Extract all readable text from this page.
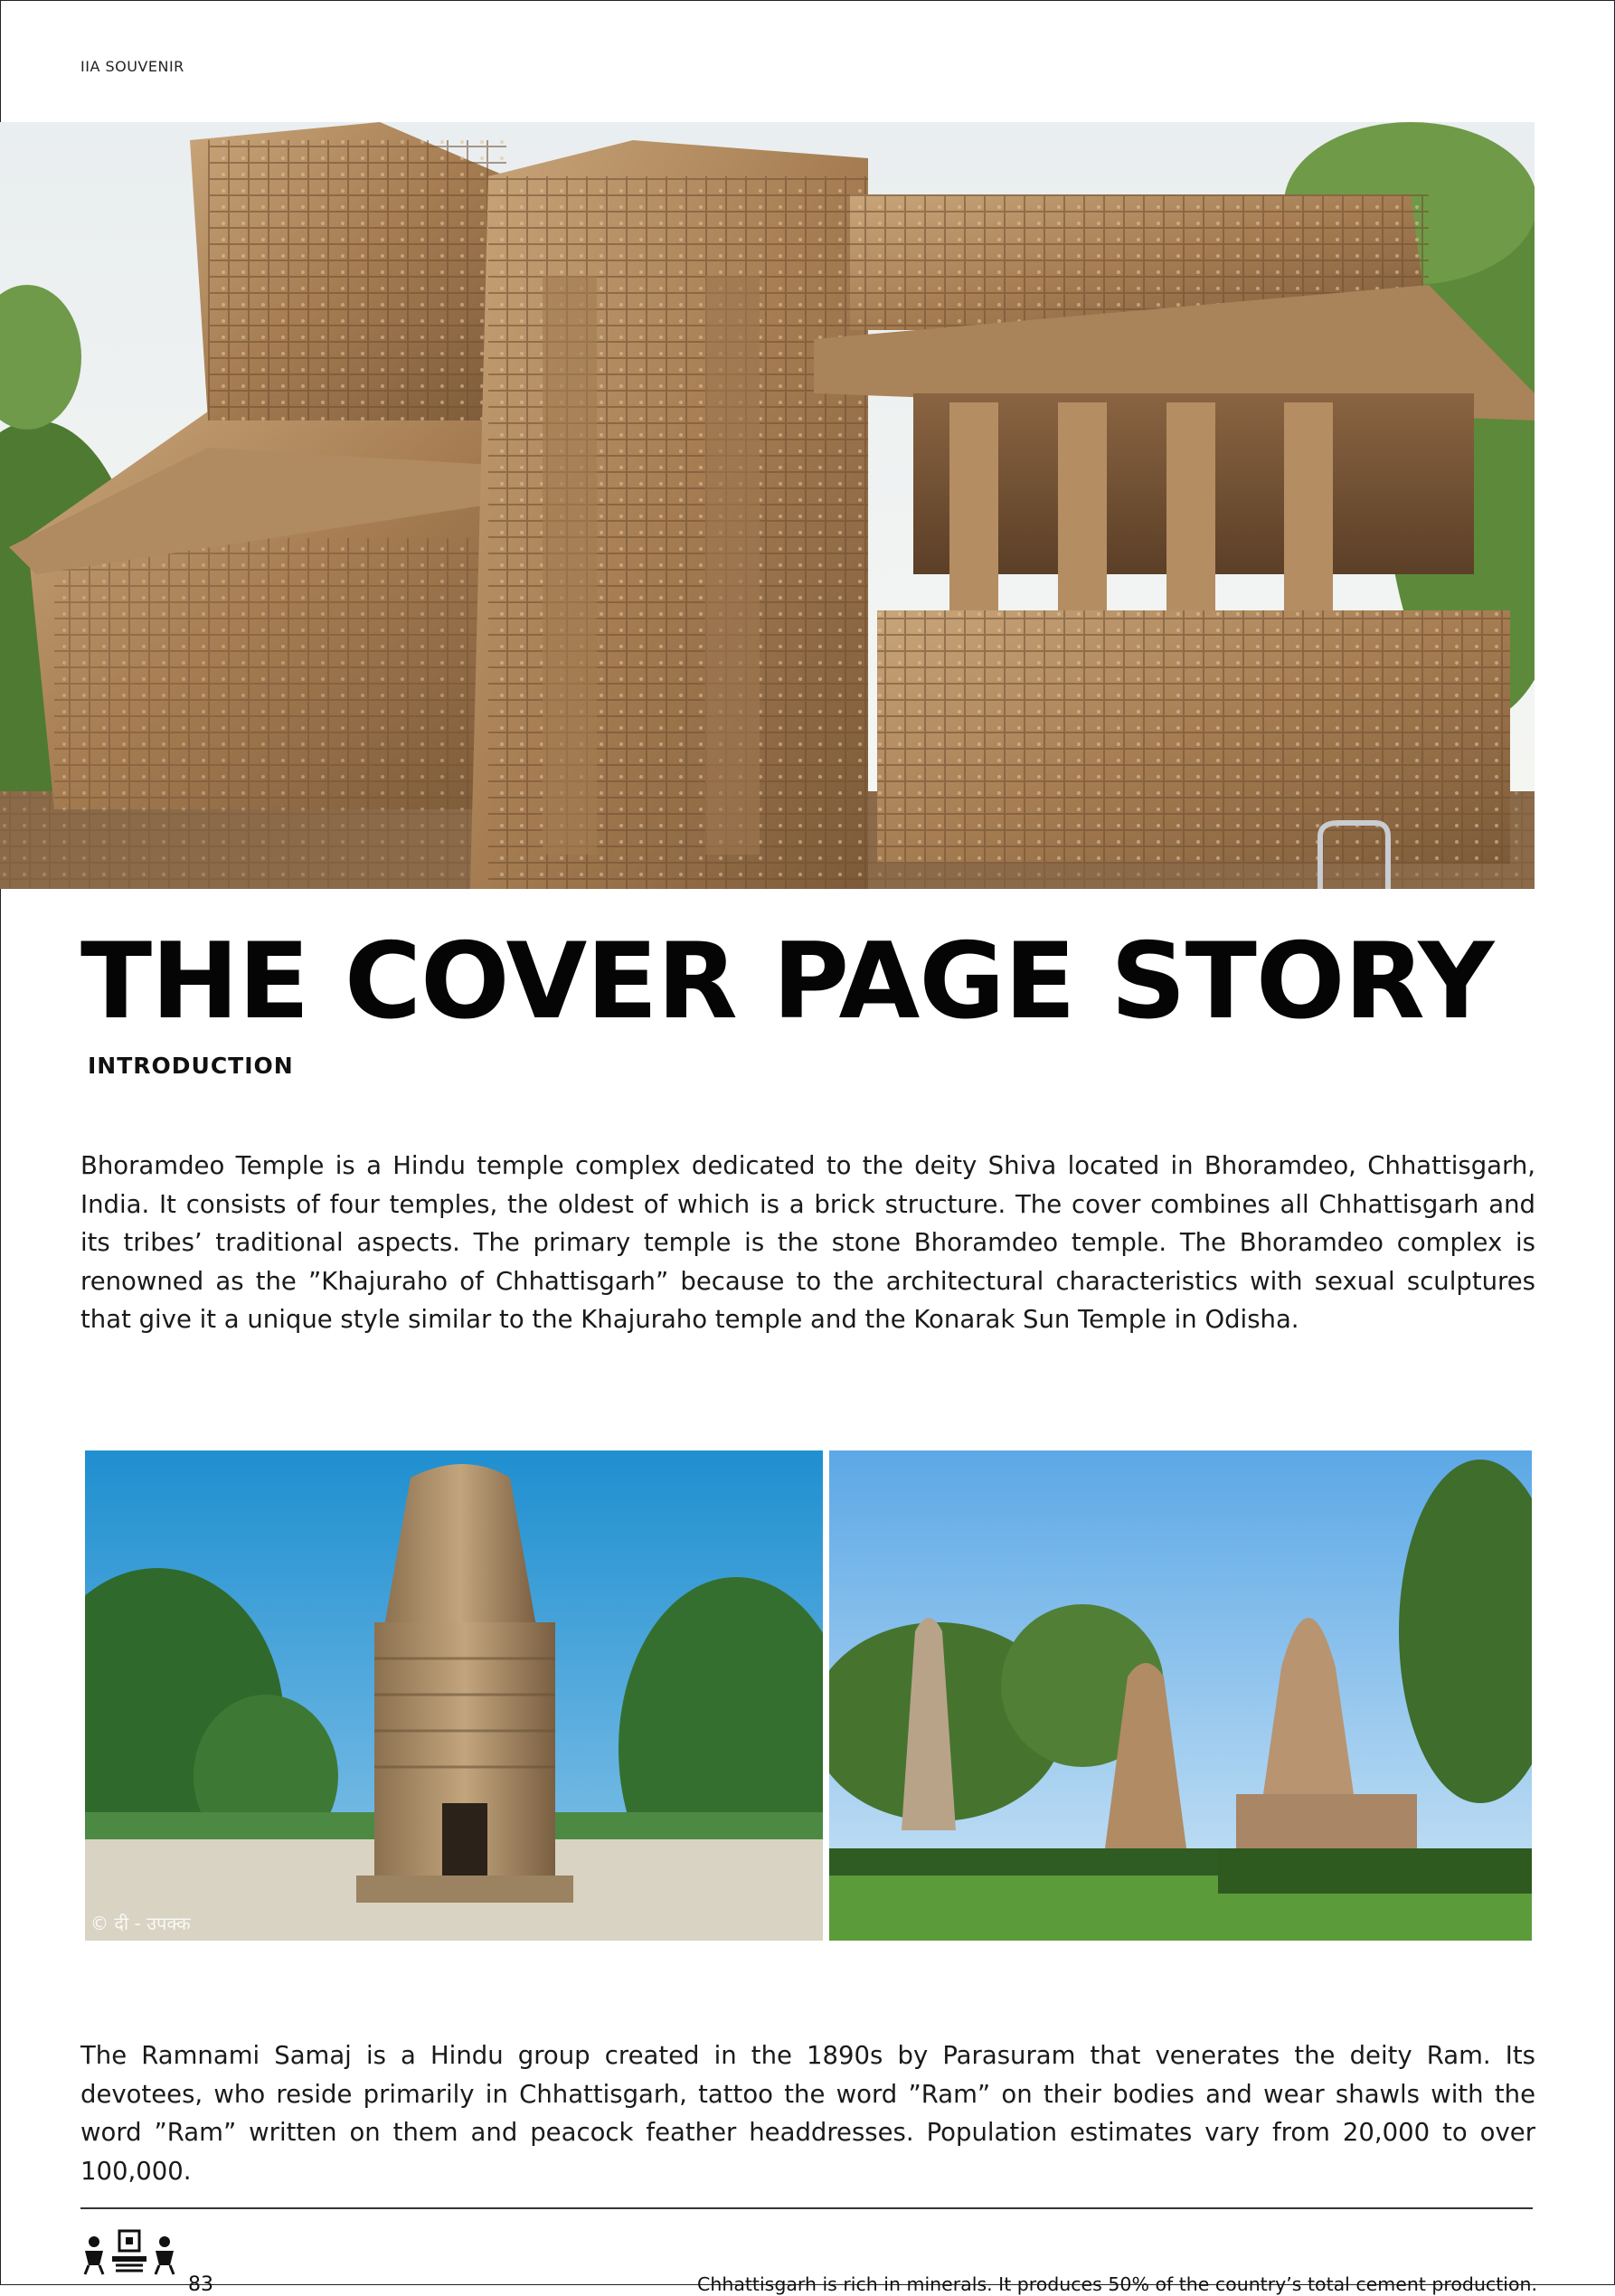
IIA SOUVENIR
THE COVER PAGE STORY
INTRODUCTION

Bhoramdeo Temple is a Hindu temple complex dedicated to the deity Shiva located in Bhoramdeo, Chhattisgarh, India. It consists of four temples, the oldest of which is a brick structure. The cover combines all Chhattisgarh and its tribes’ traditional aspects. The primary temple is the stone Bhoramdeo temple. The Bhoramdeo complex is renowned as the ”Khajuraho of Chhattisgarh” because to the architectural characteristics with sexual sculptures that give it a unique style similar to the Khajuraho temple and the Konarak Sun Temple in Odisha.

© दी - उपक्क

The Ramnami Samaj is a Hindu group created in the 1890s by Parasuram that venerates the deity Ram. Its devotees, who reside primarily in Chhattisgarh, tattoo the word ”Ram” on their bodies and wear shawls with the word ”Ram” written on them and peacock feather headdresses. Population estimates vary from 20,000 to over 100,000.

83	Chhattisgarh is rich in minerals. It produces 50% of the country’s total cement production.
